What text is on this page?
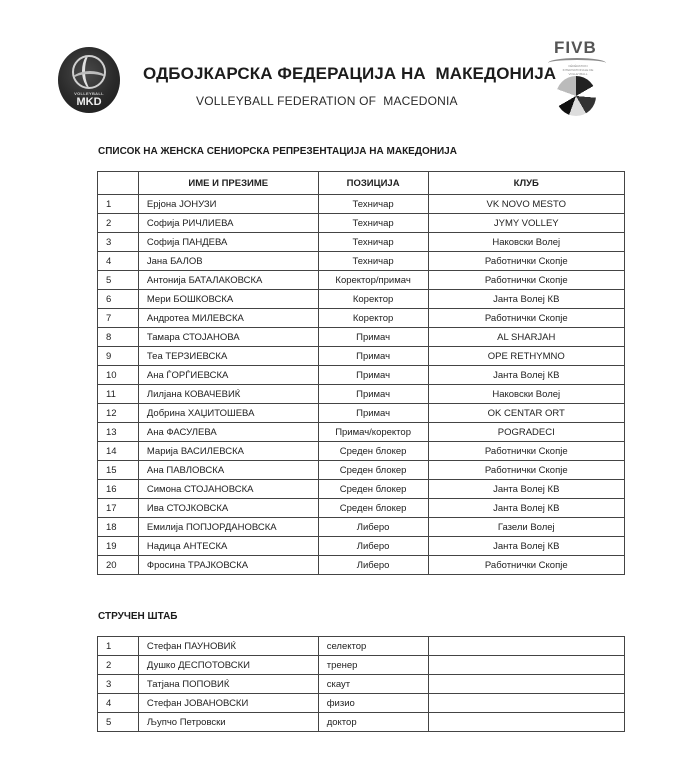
VOLLEYBALL
MKD
ОДБОЈКАРСКА ФЕДЕРАЦИЈА НА  МАКЕДОНИЈА
VOLLEYBALL FEDERATION OF  MACEDONIA
FIVB
FÉDÉRATION INTERNATIONALE DE VOLLEYBALL
СПИСОК НА ЖЕНСКА СЕНИОРСКА РЕПРЕЗЕНТАЦИЈА НА МАКЕДОНИЈА
	ИМЕ И ПРЕЗИМЕ	ПОЗИЦИЈА	КЛУБ
1	Ерјона ЈОНУЗИ	Техничар	VK NOVO MESTO
2	Софија РИЧЛИЕВА	Техничар	JYMY VOLLEY
3	Софија ПАНДЕВА	Техничар	Наковски Волеј
4	Јана БАЛОВ	Техничар	Работнички Скопје
5	Антонија БАТАЛАКОВСКА	Коректор/примач	Работнички Скопје
6	Мери БОШКОВСКА	Коректор	Јанта Волеј КВ
7	Андротеа МИЛЕВСКА	Коректор	Работнички Скопје
8	Тамара СТОЈАНОВА	Примач	AL SHARJAH
9	Теа ТЕРЗИЕВСКА	Примач	OPE RETHYMNO
10	Ана ЃОРЃИЕВСКА	Примач	Јанта Волеј КВ
11	Лилјана КОВАЧЕВИЌ	Примач	Наковски Волеј
12	Добрина ХАЏИТОШЕВА	Примач	OK CENTAR ORT
13	Ана ФАСУЛЕВА	Примач/коректор	POGRADECI
14	Марија ВАСИЛЕВСКА	Среден блокер	Работнички Скопје
15	Ана ПАВЛОВСКА	Среден блокер	Работнички Скопје
16	Симона СТОЈАНОВСКА	Среден блокер	Јанта Волеј КВ
17	Ива СТОЈКОВСКА	Среден блокер	Јанта Волеј КВ
18	Емилија ПОПЈОРДАНОВСКА	Либеро	Газели Волеј
19	Надица АНТЕСКА	Либеро	Јанта Волеј КВ
20	Фросина ТРАЈКОВСКА	Либеро	Работнички Скопје
СТРУЧЕН ШТАБ
1	Стефан ПАУНОВИЌ	селектор	
2	Душко ДЕСПОТОВСКИ	тренер	
3	Татјана ПОПОВИЌ	скаут	
4	Стефан ЈОВАНОВСКИ	физио	
5	Љупчо Петровски	доктор	
